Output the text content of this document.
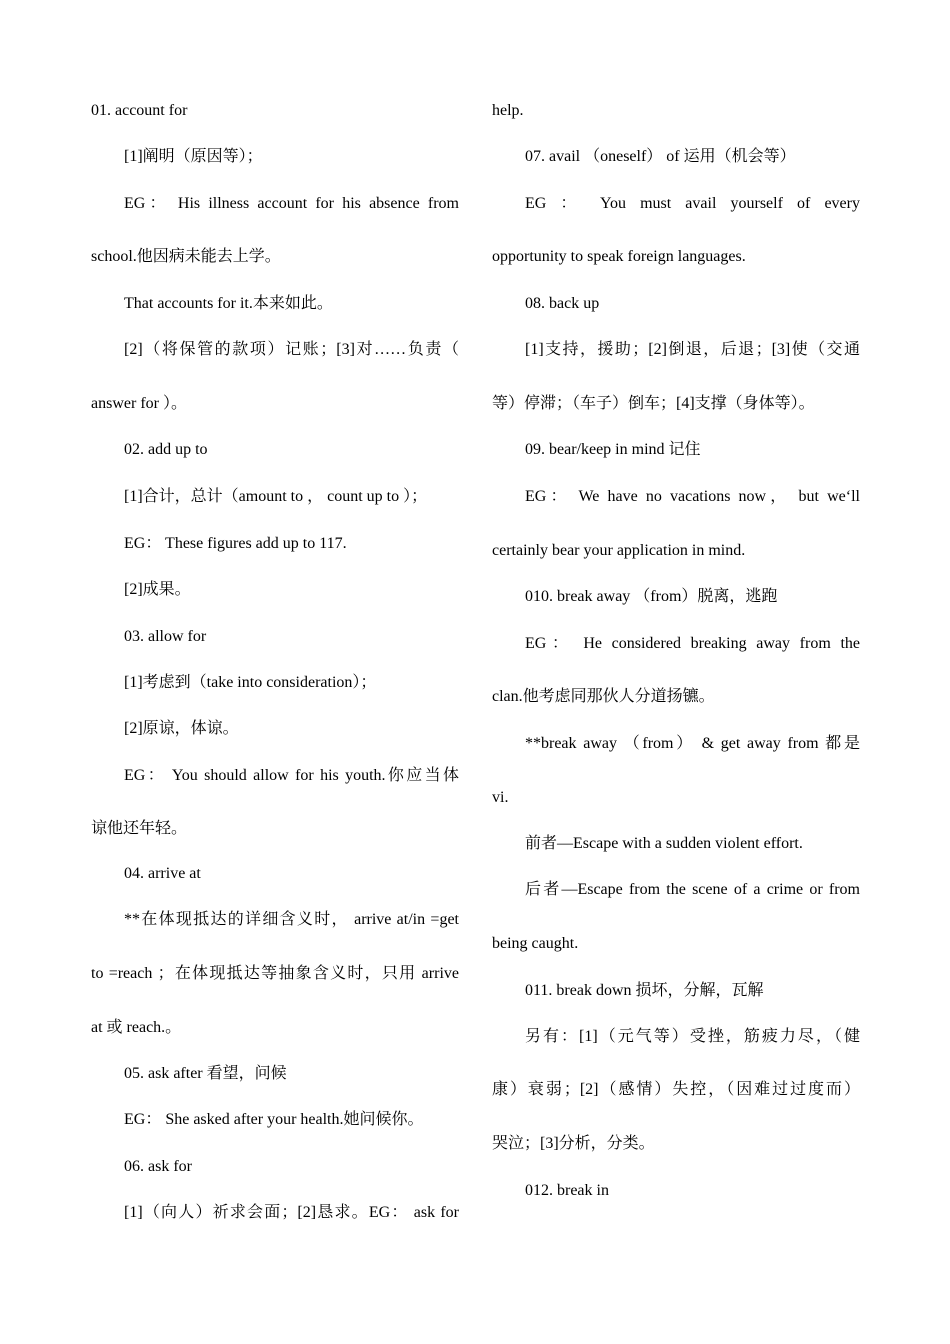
01. account for
[1]阐明（原因等）；
EG： His illness account for his absence from
school.他因病未能去上学。
That accounts for it.本来如此。
[2]（将保管的款项）记账；[3]对……负责（
answer for ）。
02. add up to
[1]合计，总计（amount to ， count up to ）；
EG： These figures add up to 117.
[2]成果。
03. allow for
[1]考虑到（take into consideration）；
[2]原谅，体谅。
EG： You should allow for his youth.你应当体
谅他还年轻。
04. arrive at
**在体现抵达的详细含义时， arrive at/in =get
to =reach ；在体现抵达等抽象含义时，只用 arrive
at 或 reach.。
05. ask after 看望，问候
EG： She asked after your health.她问候你。
06. ask for
[1]（向人）祈求会面；[2]恳求。EG： ask for
help.
07. avail （oneself） of 运用（机会等）
EG ： You must avail yourself of every
opportunity to speak foreign languages.
08. back up
[1]支持，援助；[2]倒退，后退；[3]使（交通
等）停滞；（车子）倒车；[4]支撑（身体等）。
09. bear/keep in mind 记住
EG： We have no vacations now， but we‘ll
certainly bear your application in mind.
010. break away （from）脱离，逃跑
EG： He considered breaking away from the
clan.他考虑同那伙人分道扬镳。
**break away （from） & get away from 都是
vi.
前者—Escape with a sudden violent effort.
后者—Escape from the scene of a crime or from
being caught.
011. break down 损坏，分解，瓦解
另有：[1]（元气等）受挫，筋疲力尽，（健
康）衰弱；[2]（感情）失控，（因难过过度而）
哭泣；[3]分析，分类。
012. break in
